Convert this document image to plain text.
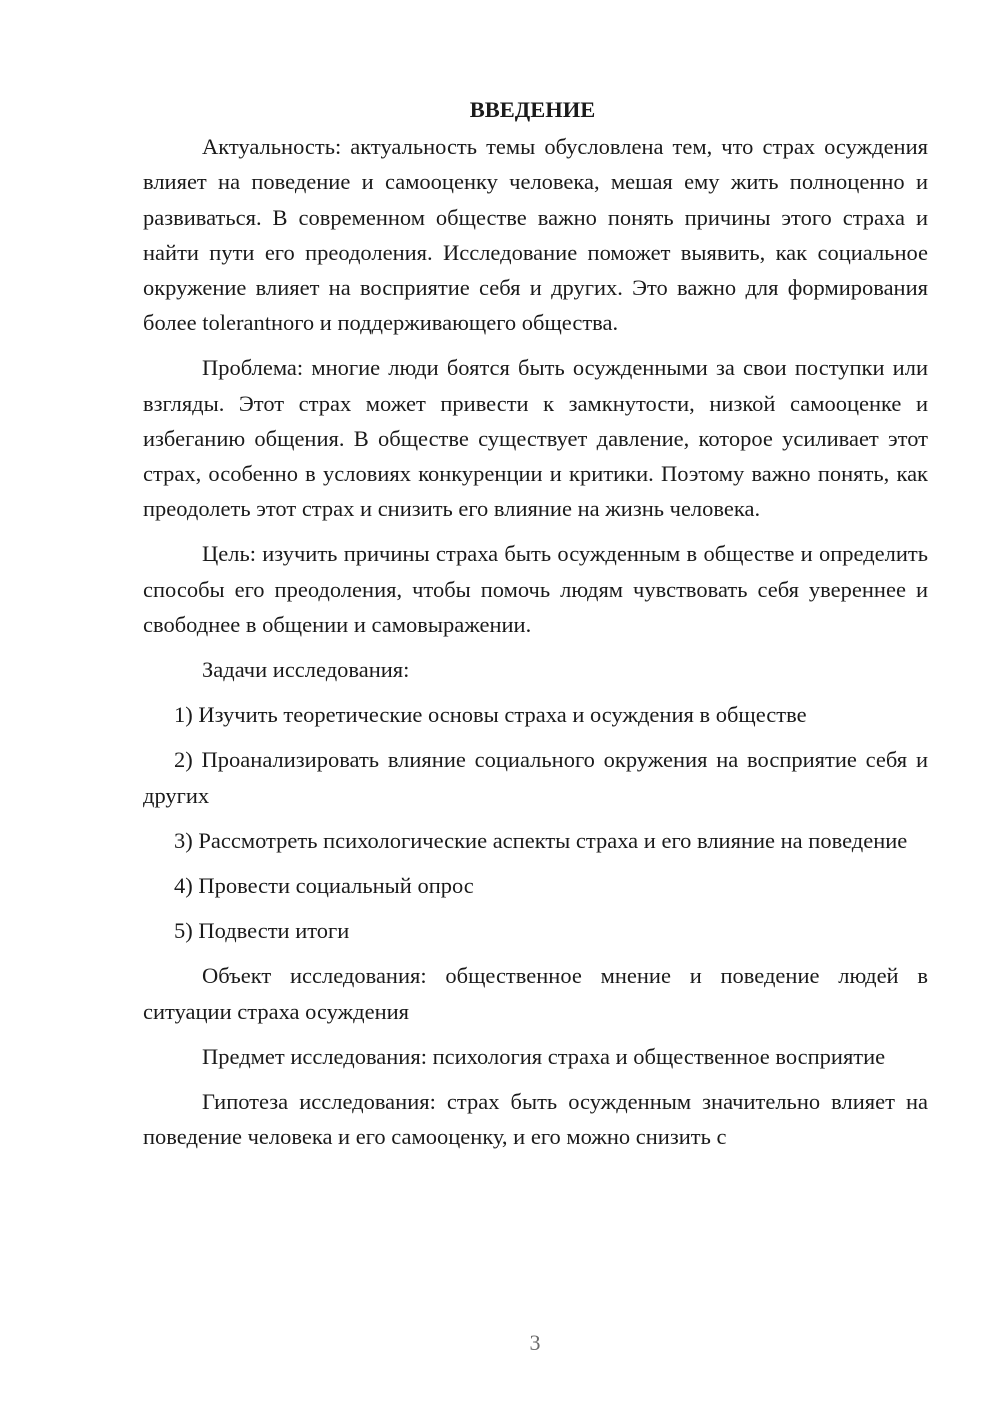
ВВЕДЕНИЕ

Актуальность: актуальность темы обусловлена тем, что страх осуждения влияет на поведение и самооценку человека, мешая ему жить полноценно и развиваться. В современном обществе важно понять причины этого страха и найти пути его преодоления. Исследование поможет выявить, как социальное окружение влияет на восприятие себя и других. Это важно для формирования более tolerantного и поддерживающего общества.

Проблема: многие люди боятся быть осужденными за свои поступки или взгляды. Этот страх может привести к замкнутости, низкой самооценке и избеганию общения. В обществе существует давление, которое усиливает этот страх, особенно в условиях конкуренции и критики. Поэтому важно понять, как преодолеть этот страх и снизить его влияние на жизнь человека.

Цель: изучить причины страха быть осужденным в обществе и определить способы его преодоления, чтобы помочь людям чувствовать себя увереннее и свободнее в общении и самовыражении.

Задачи исследования:

1) Изучить теоретические основы страха и осуждения в обществе

2) Проанализировать влияние социального окружения на восприятие себя и других

3) Рассмотреть психологические аспекты страха и его влияние на поведение

4) Провести социальный опрос

5) Подвести итоги

Объект исследования: общественное мнение и поведение людей в ситуации страха осуждения

Предмет исследования: психология страха и общественное восприятие

Гипотеза исследования: страх быть осужденным значительно влияет на поведение человека и его самооценку, и его можно снизить с

3
